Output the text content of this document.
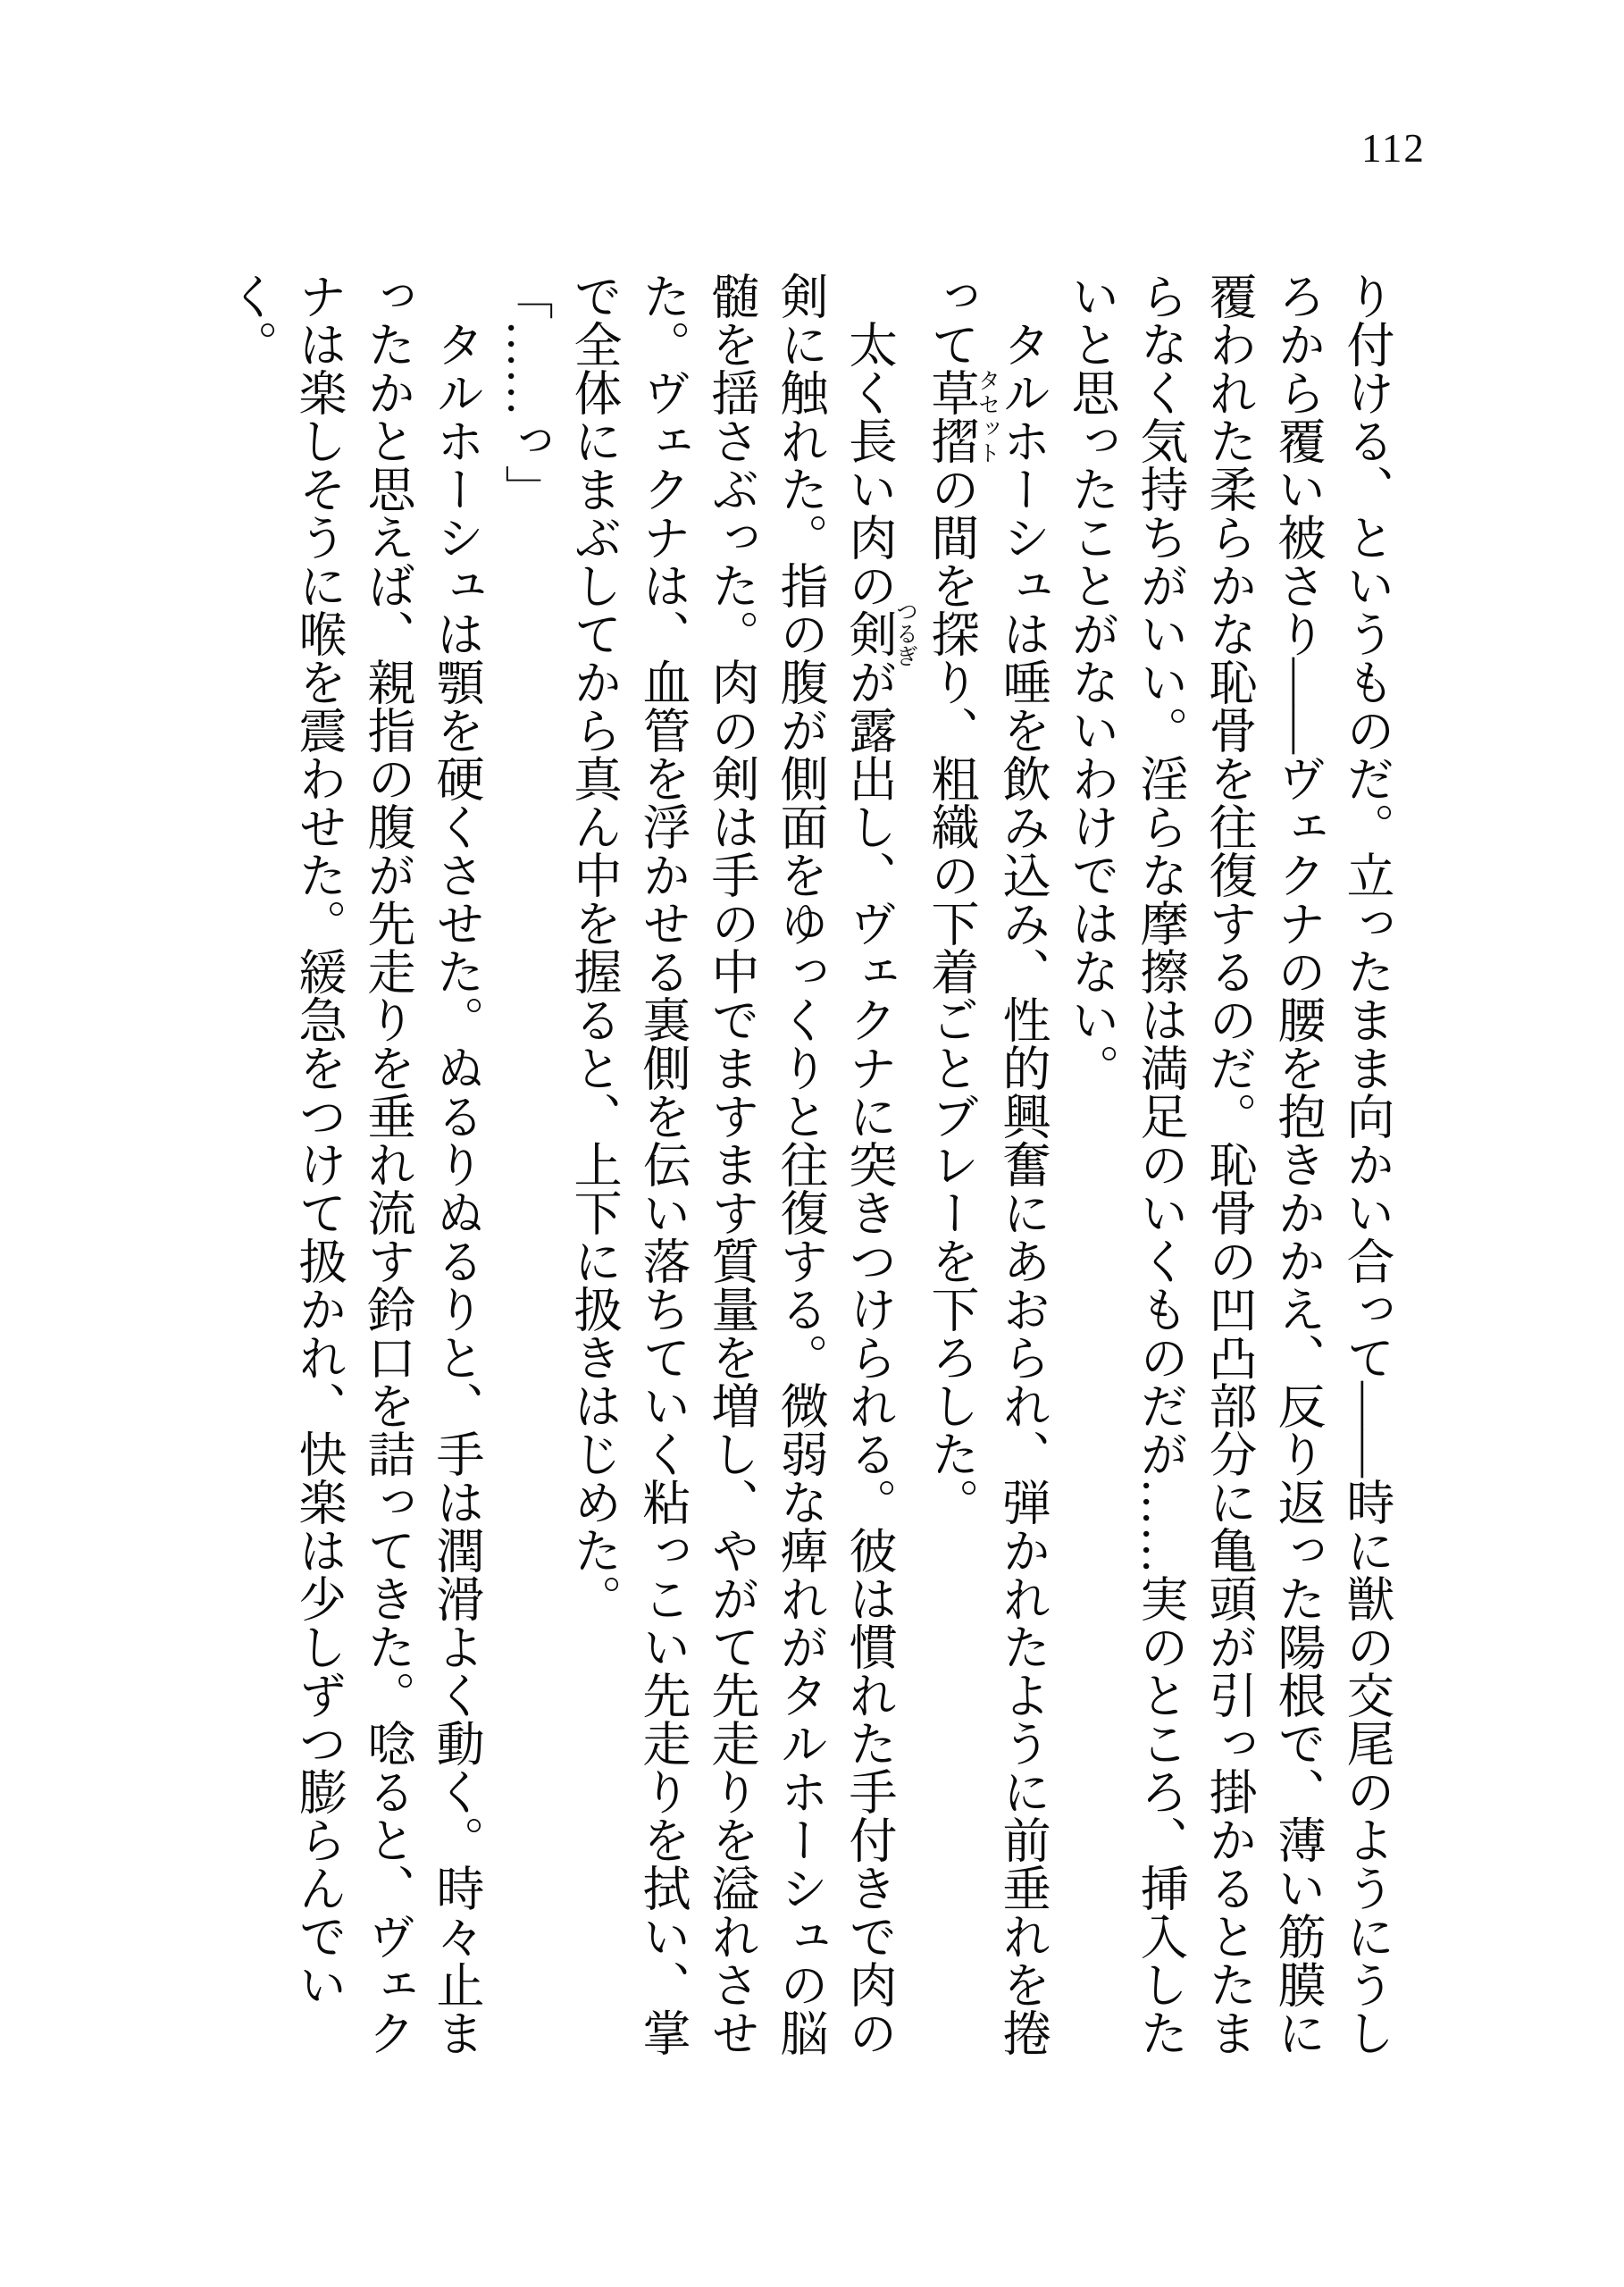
112

り付ける、というものだ。立ったまま向かい合って——時に獣の交尾のようにうしろから覆い被さり——ヴェクナの腰を抱きかかえ、反り返った陽根で、薄い筋膜に覆われた柔らかな恥骨を往復するのだ。恥骨の凹凸部分に亀頭が引っ掛かるとたまらなく気持ちがいい。淫らな摩擦は満足のいくものだが……実のところ、挿入したいと思ったことがないわけではない。

タルホーシュは唾を飲み込み、性的興奮にあおられ、弾かれたように前垂れを捲って草摺タセットの間を探り、粗織の下着ごとブレーを下ろした。

太く長い肉の剣つるぎが露出し、ヴェクナに突きつけられる。彼は慣れた手付きで肉の剣に触れた。指の腹が側面をゆっくりと往復する。微弱な痺れがタルホーシュの脳髄を揺さぶった。肉の剣は手の中でますます質量を増し、やがて先走りを溢れさせた。ヴェクナは、血管を浮かせる裏側を伝い落ちていく粘っこい先走りを拭い、掌で全体にまぶしてから真ん中を握ると、上下に扱きはじめた。

「……っ」

タルホーシュは顎を硬くさせた。ぬるりぬるりと、手は潤滑よく動く。時々止まったかと思えば、親指の腹が先走りを垂れ流す鈴口を詰ってきた。唸ると、ヴェクナは楽しそうに喉を震わせた。緩急をつけて扱かれ、快楽は少しずつ膨らんでいく。
